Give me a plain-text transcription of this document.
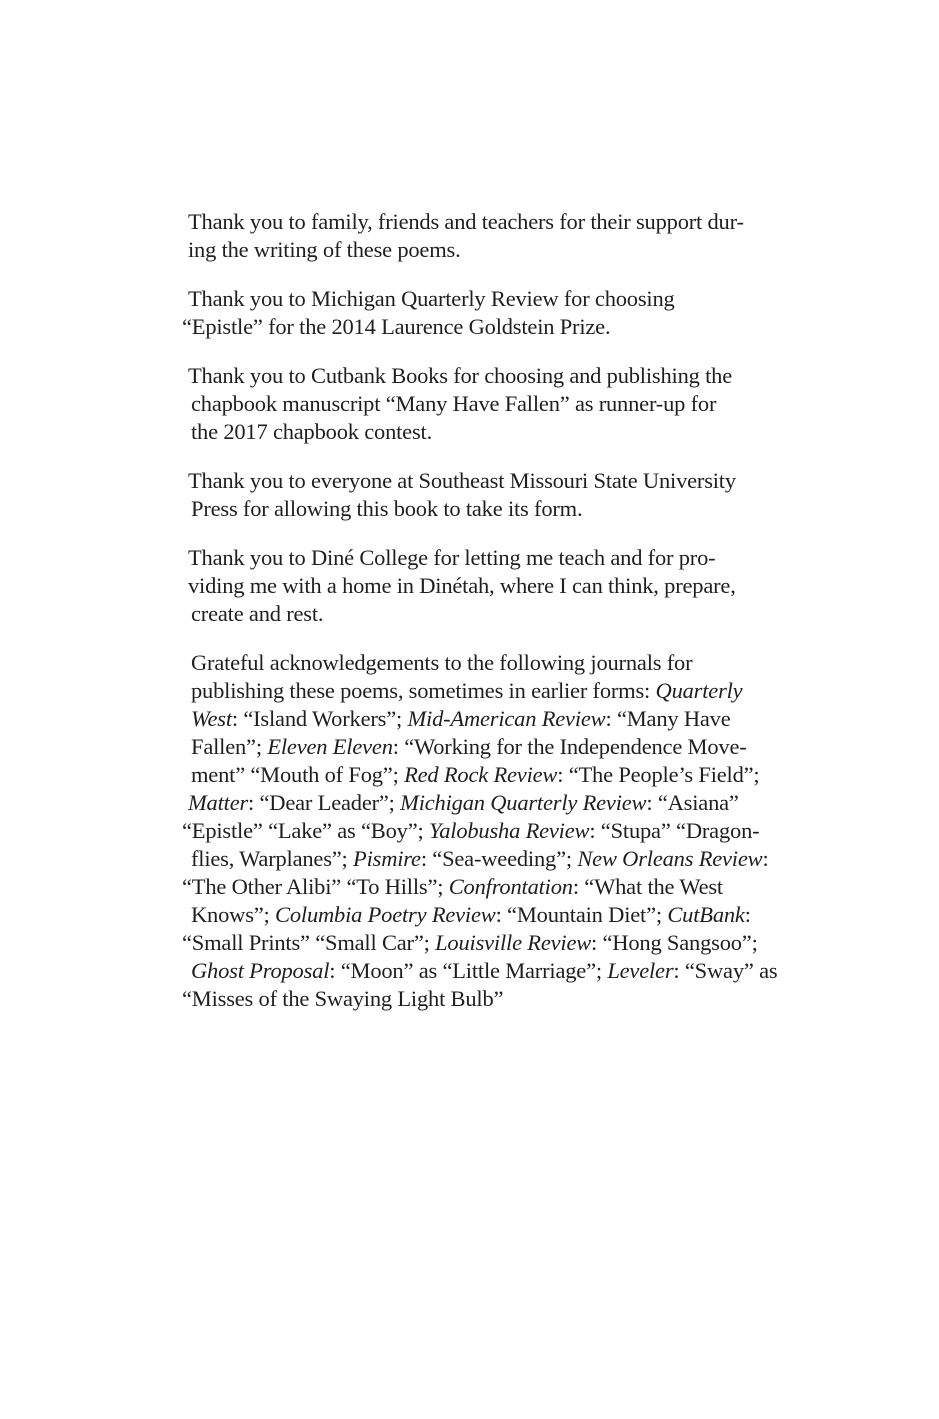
Thank you to family, friends and teachers for their support dur-
ing the writing of these poems.
Thank you to Michigan Quarterly Review for choosing
“Epistle” for the 2014 Laurence Goldstein Prize.
Thank you to Cutbank Books for choosing and publishing the
chapbook manuscript “Many Have Fallen” as runner-up for
the 2017 chapbook contest.
Thank you to everyone at Southeast Missouri State University
Press for allowing this book to take its form.
Thank you to Diné College for letting me teach and for pro-
viding me with a home in Dinétah, where I can think, prepare,
create and rest.
Grateful acknowledgements to the following journals for
publishing these poems, sometimes in earlier forms: Quarterly
West: “Island Workers”; Mid-American Review: “Many Have
Fallen”; Eleven Eleven: “Working for the Independence Move-
ment” “Mouth of Fog”; Red Rock Review: “The People’s Field”;
Matter: “Dear Leader”; Michigan Quarterly Review: “Asiana”
“Epistle” “Lake” as “Boy”; Yalobusha Review: “Stupa” “Dragon-
flies, Warplanes”; Pismire: “Sea-weeding”; New Orleans Review:
“The Other Alibi” “To Hills”; Confrontation: “What the West
Knows”; Columbia Poetry Review: “Mountain Diet”; CutBank:
“Small Prints” “Small Car”; Louisville Review: “Hong Sangsoo”;
Ghost Proposal: “Moon” as “Little Marriage”; Leveler: “Sway” as
“Misses of the Swaying Light Bulb”
